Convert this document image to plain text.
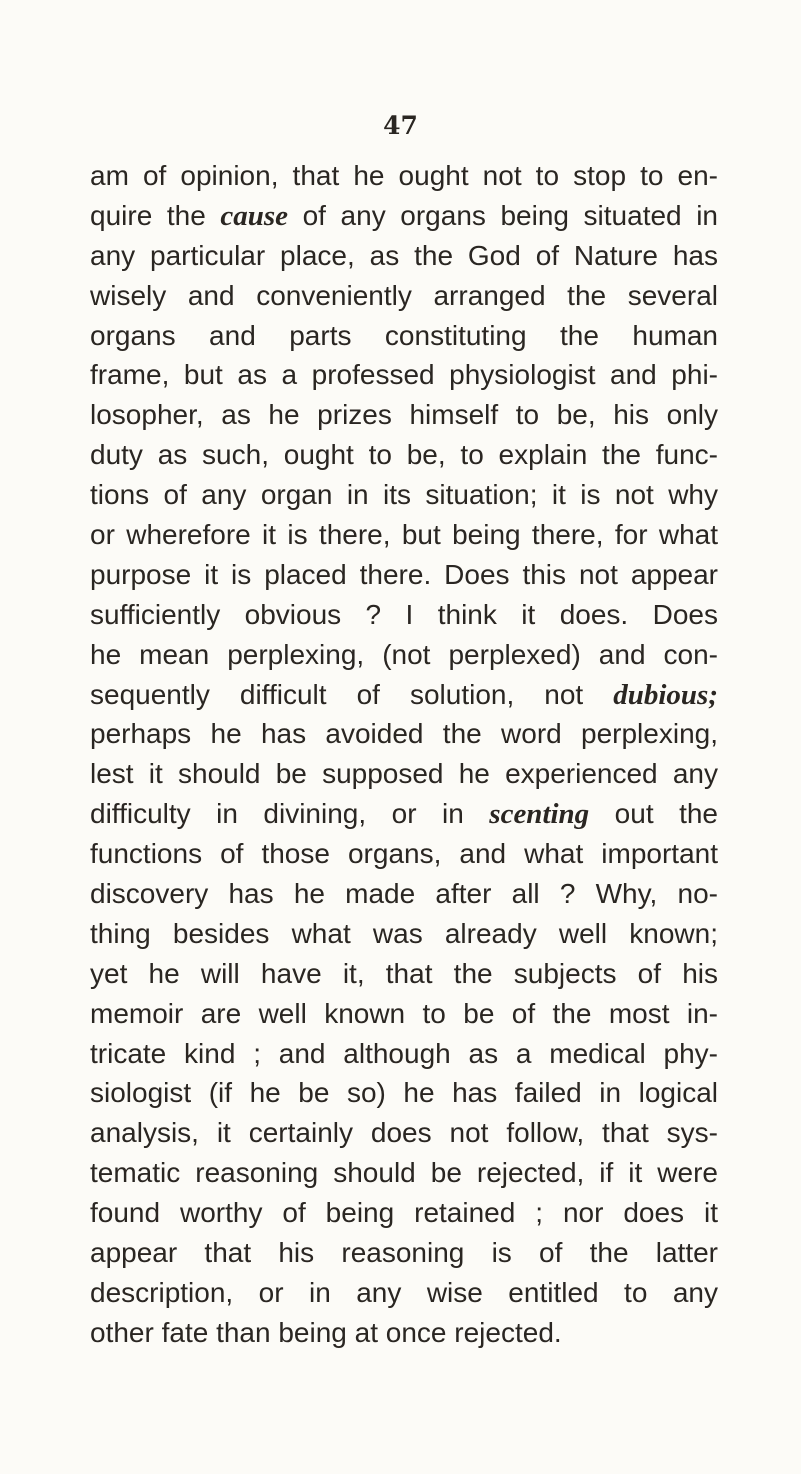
47
am of opinion, that he ought not to stop to en-
quire the cause of any organs being situated in
any particular place, as the God of Nature has
wisely and conveniently arranged the several
organs and parts constituting the human
frame, but as a professed physiologist and phi-
losopher, as he prizes himself to be, his only
duty as such, ought to be, to explain the func-
tions of any organ in its situation; it is not why
or wherefore it is there, but being there, for what
purpose it is placed there. Does this not appear
sufficiently obvious ? I think it does. Does
he mean perplexing, (not perplexed) and con-
sequently difficult of solution, not dubious;
perhaps he has avoided the word perplexing,
lest it should be supposed he experienced any
difficulty in divining, or in scenting out the
functions of those organs, and what important
discovery has he made after all ? Why, no-
thing besides what was already well known;
yet he will have it, that the subjects of his
memoir are well known to be of the most in-
tricate kind ; and although as a medical phy-
siologist (if he be so) he has failed in logical
analysis, it certainly does not follow, that sys-
tematic reasoning should be rejected, if it were
found worthy of being retained ; nor does it
appear that his reasoning is of the latter
description, or in any wise entitled to any
other fate than being at once rejected.
